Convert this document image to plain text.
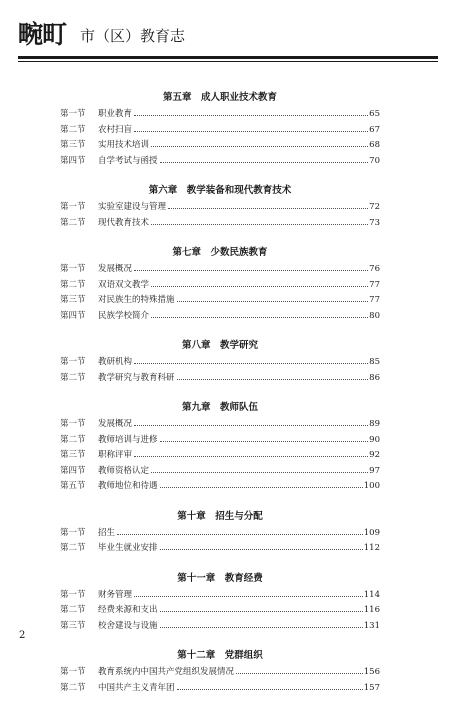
畹町 市（区）教育志
第五章　成人职业技术教育
第一节	职业教育	65
第二节	农村扫盲	67
第三节	实用技术培训	68
第四节	自学考试与函授	70
第六章　教学装备和现代教育技术
第一节	实验室建设与管理	72
第二节	现代教育技术	73
第七章　少数民族教育
第一节	发展概况	76
第二节	双语双文教学	77
第三节	对民族生的特殊措施	77
第四节	民族学校简介	80
第八章　教学研究
第一节	教研机构	85
第二节	教学研究与教育科研	86
第九章　教师队伍
第一节	发展概况	89
第二节	教师培训与进修	90
第三节	职称评审	92
第四节	教师资格认定	97
第五节	教师地位和待遇	100
第十章　招生与分配
第一节	招生	109
第二节	毕业生就业安排	112
第十一章　教育经费
第一节	财务管理	114
第二节	经费来源和支出	116
第三节	校舍建设与设施	131
第十二章　党群组织
第一节	教育系统内中国共产党组织发展情况	156
第二节	中国共产主义青年团	157
2
